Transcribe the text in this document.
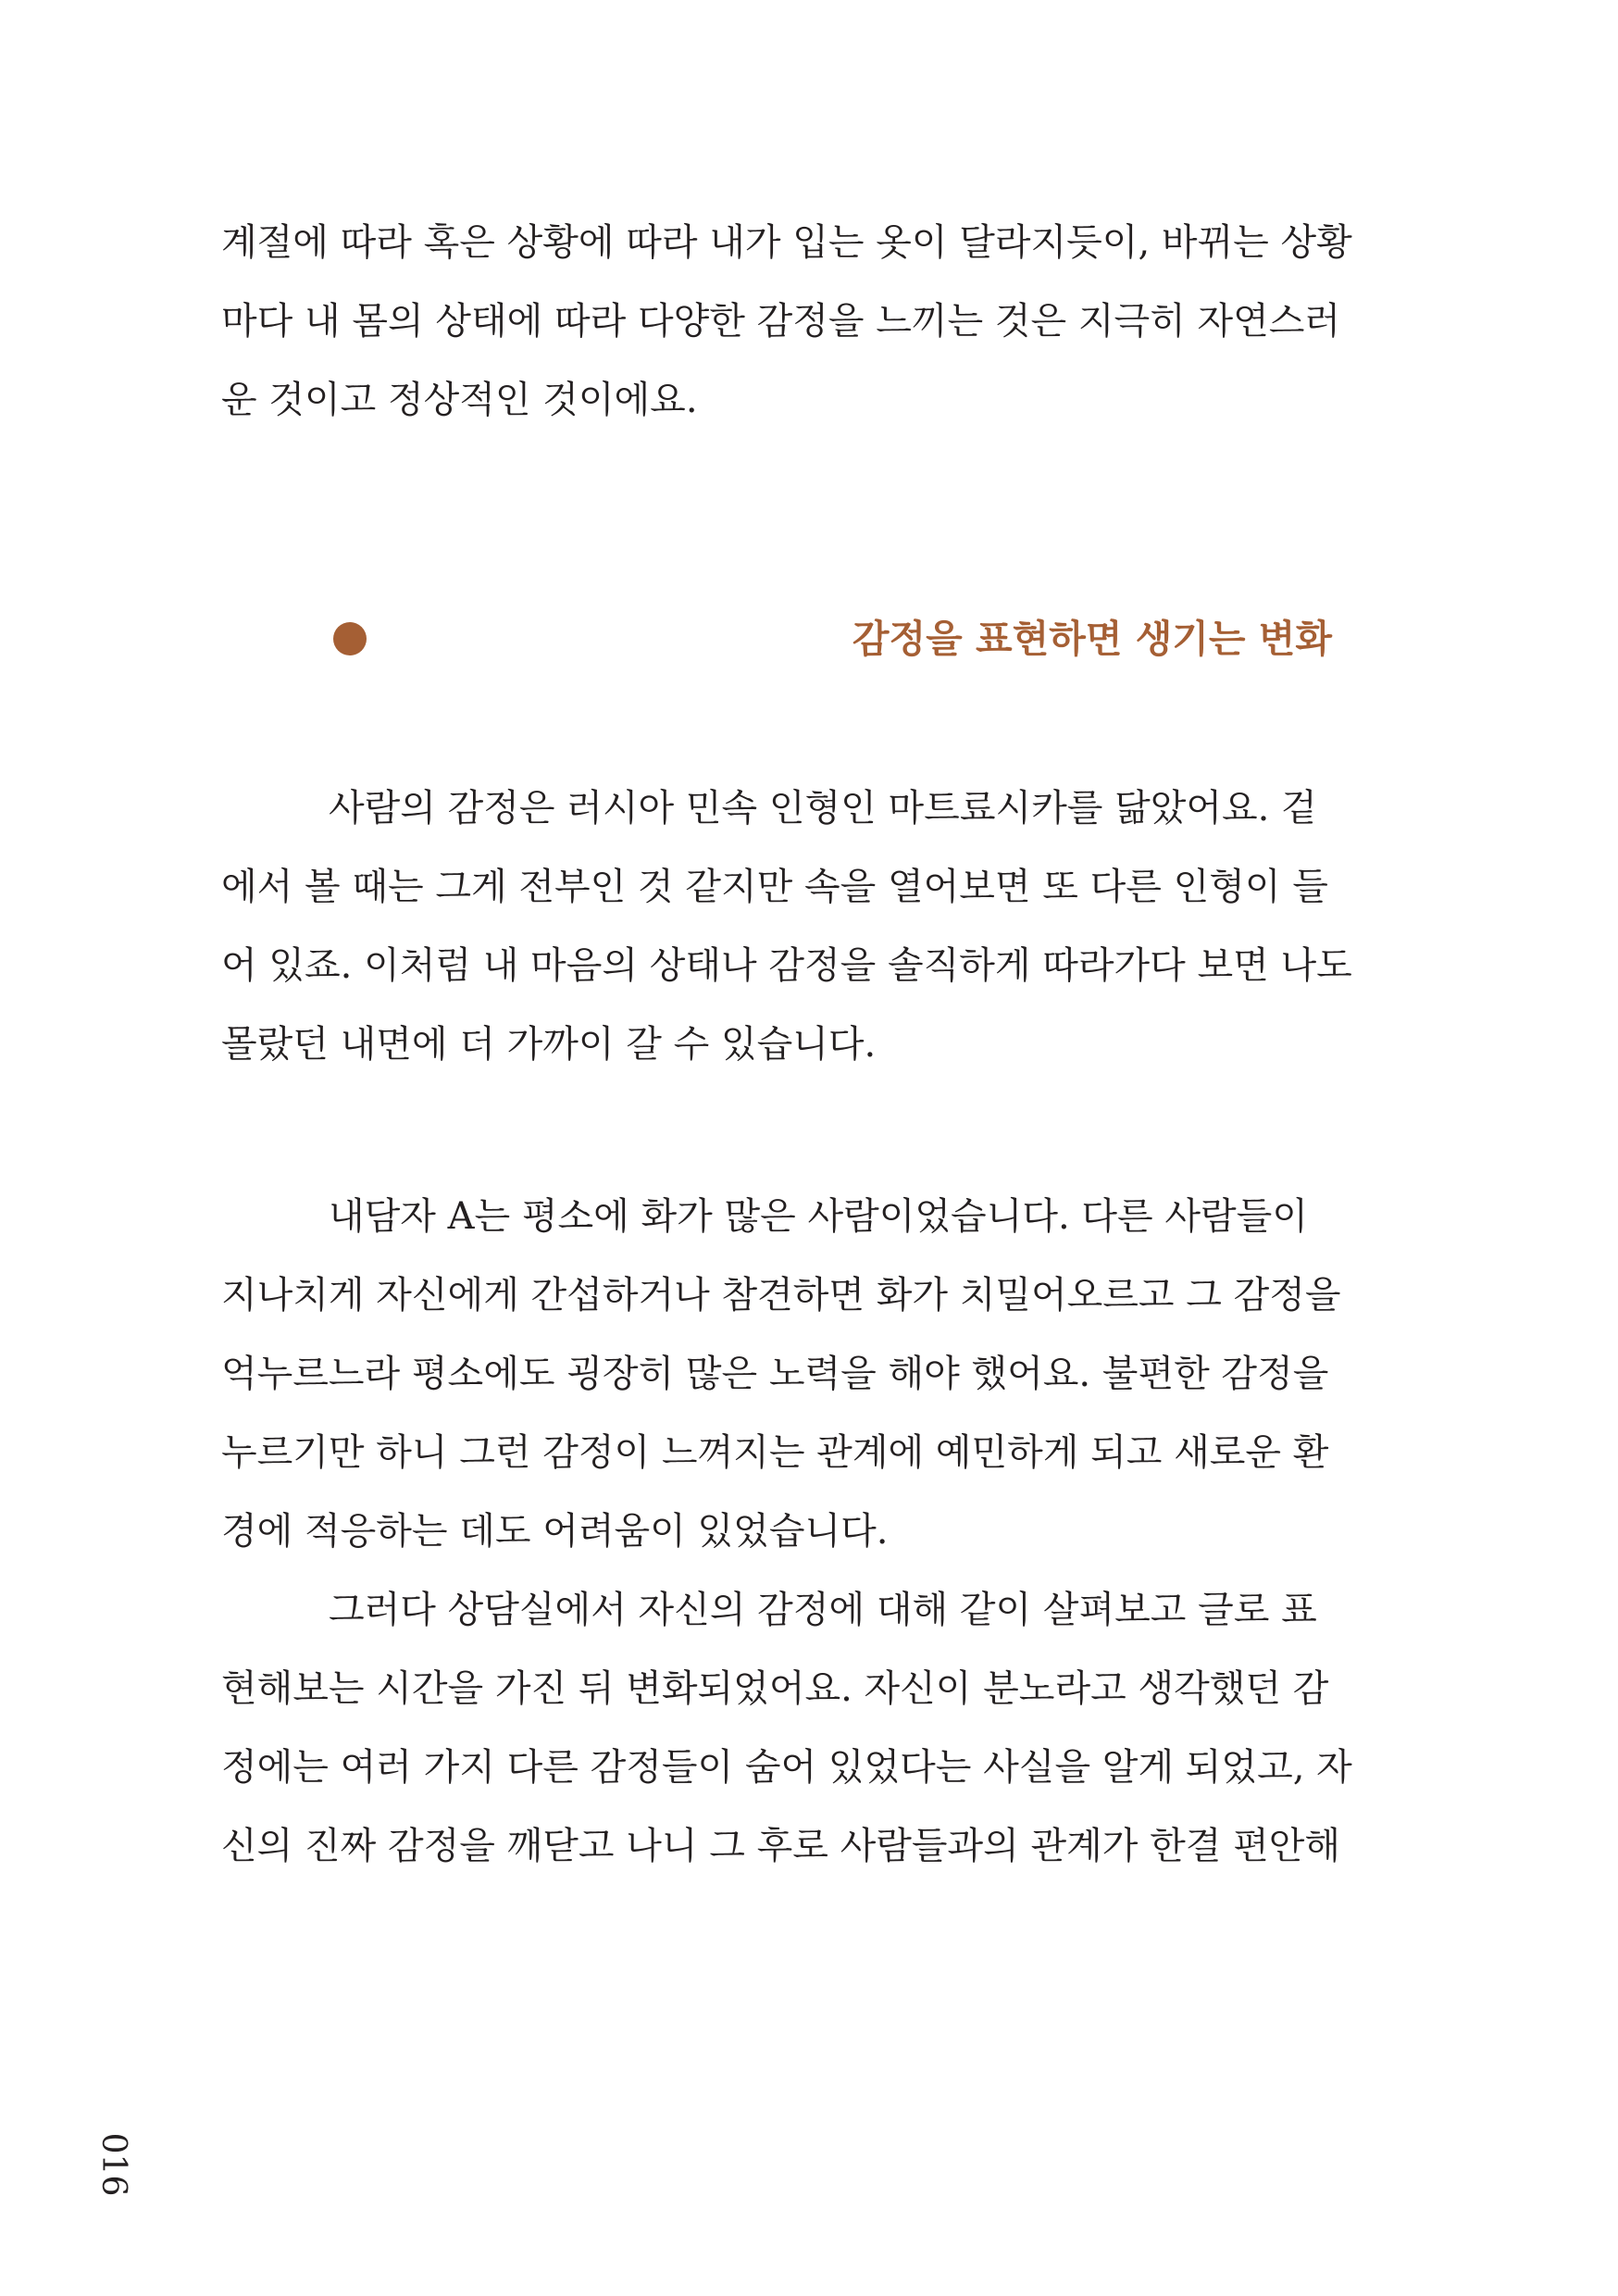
계절에 따라 혹은 상황에 따라 내가 입는 옷이 달라지듯이, 바뀌는 상황

마다 내 몸의 상태에 따라 다양한 감정을 느끼는 것은 지극히 자연스러

운 것이고 정상적인 것이에요.

감정을 표현하면 생기는 변화

사람의 감정은 러시아 민속 인형인 마트료시카를 닮았어요. 겉

에서 볼 때는 그게 전부인 것 같지만 속을 열어보면 또 다른 인형이 들

어 있죠. 이처럼 내 마음의 상태나 감정을 솔직하게 따라가다 보면 나도

몰랐던 내면에 더 가까이 갈 수 있습니다.

내담자 A는 평소에 화가 많은 사람이었습니다. 다른 사람들이

지나치게 자신에게 간섭하거나 참견하면 화가 치밀어오르고 그 감정을

억누르느라 평소에도 굉장히 많은 노력을 해야 했어요. 불편한 감정을

누르기만 하니 그런 감정이 느껴지는 관계에 예민하게 되고 새로운 환

경에 적응하는 데도 어려움이 있었습니다.

그러다 상담실에서 자신의 감정에 대해 같이 살펴보고 글로 표

현해보는 시간을 가진 뒤 변화되었어요. 자신이 분노라고 생각했던 감

정에는 여러 가지 다른 감정들이 숨어 있었다는 사실을 알게 되었고, 자

신의 진짜 감정을 깨닫고 나니 그 후로 사람들과의 관계가 한결 편안해

016
